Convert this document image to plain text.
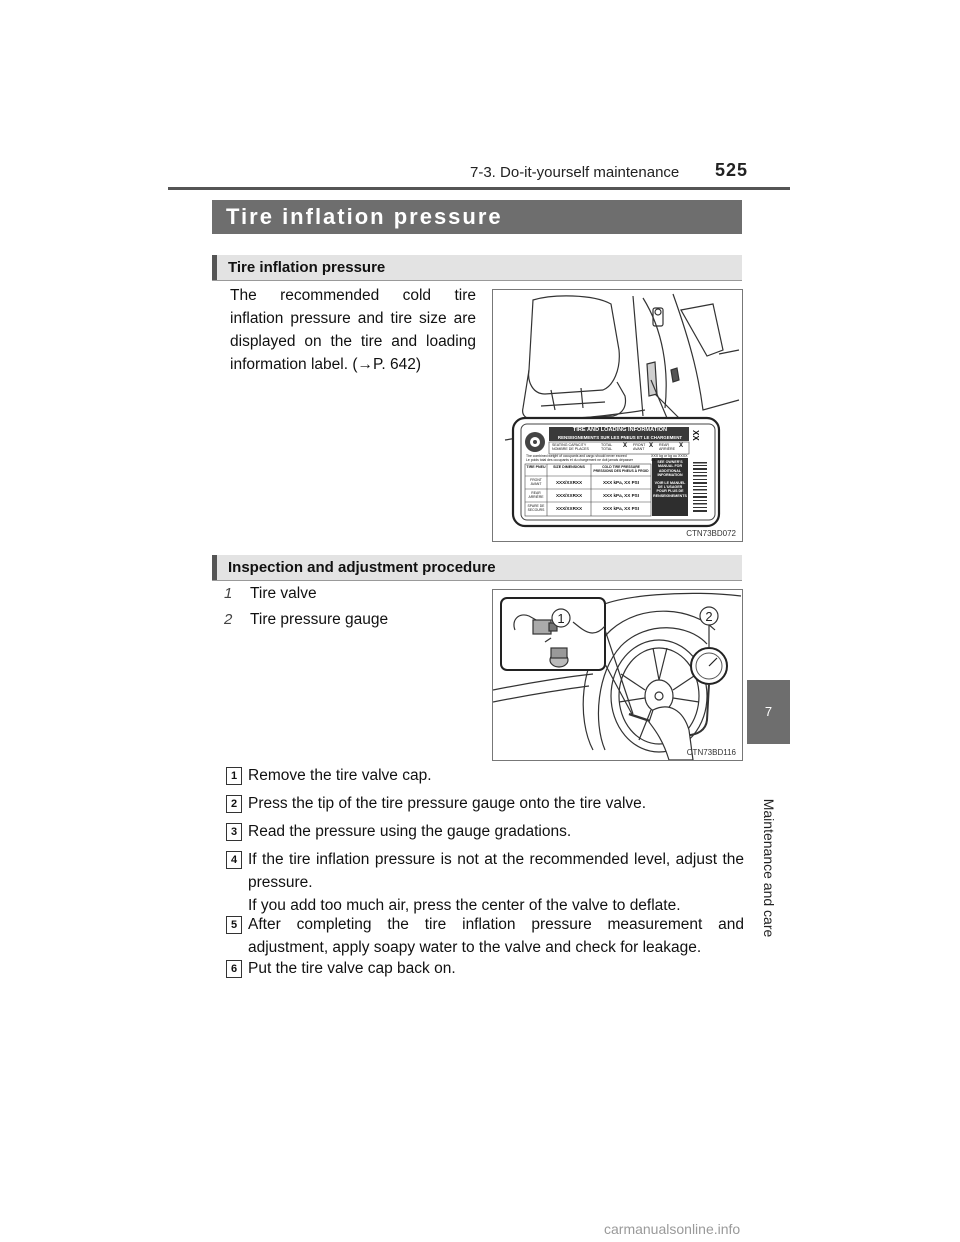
7-3. Do-it-yourself maintenance 525
Tire inflation pressure
Tire inflation pressure
The recommended cold tire inflation pressure and tire size are displayed on the tire and loading information label. (→P. 642)
TIRE AND LOADING INFORMATION
RENSEIGNEMENTS SUR LES PNEUS ET LE CHARGEMENT
SEATING CAPACITY
NOMBRE DE PLACES
TOTAL
TOTAL
X FRONT
AVANT
X REAR
ARRIÈRE
X
XX
The combined weight of occupants and cargo should never exceed
Le poids total des occupants et du chargement ne doit jamais dépasser
XXX kg or kg ou XXXX lbs. lb.
TIRE PNEU	SIZE DIMENSIONS	COLD TIRE PRESSURE PRESSIONS DES PNEUS À FROID
FRONT AVANT	XXX/XXRXX	XXX kPa, XX PSI
REAR ARRIÈRE	XXX/XXRXX	XXX kPa, XX PSI
SPARE DE SECOURS	XXX/XXRXX	XXX kPa, XX PSI
SEE OWNER'S MANUAL FOR ADDITIONAL INFORMATION
VOIR LE MANUEL DE L'USAGER POUR PLUS DE RENSEIGNEMENTS
CTN73BD072
Inspection and adjustment procedure
1 Tire valve
2 Tire pressure gauge	1	2
CTN73BD116
1 Remove the tire valve cap.
2 Press the tip of the tire pressure gauge onto the tire valve.
3 Read the pressure using the gauge gradations.
4 If the tire inflation pressure is not at the recommended level, adjust the pressure.
If you add too much air, press the center of the valve to deflate.
5 After completing the tire inflation pressure measurement and adjustment, apply soapy water to the valve and check for leakage.
6 Put the tire valve cap back on.
7
Maintenance and care
carmanualsonline.info
